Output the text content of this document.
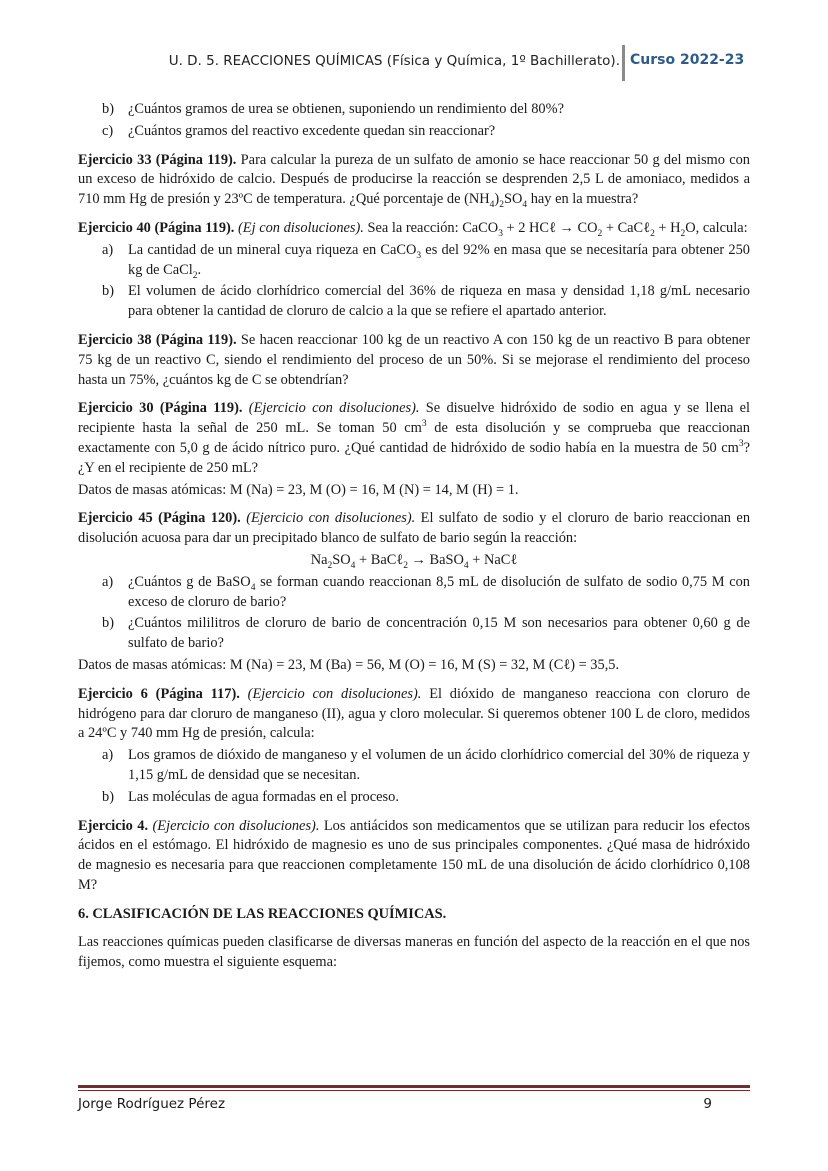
U. D. 5. REACCIONES QUÍMICAS (Física y Química, 1º Bachillerato). Curso 2022-23
b) ¿Cuántos gramos de urea se obtienen, suponiendo un rendimiento del 80%?
c)	¿Cuántos gramos del reactivo excedente quedan sin reaccionar?

Ejercicio 33 (Página 119). Para calcular la pureza de un sulfato de amonio se hace reaccionar 50 g del mismo con un exceso de hidróxido de calcio. Después de producirse la reacción se desprenden 2,5 L de amoniaco, medidos a 710 mm Hg de presión y 23ºC de temperatura. ¿Qué porcentaje de $(NH_4)_2SO_4$ hay en la muestra?

Ejercicio 40 (Página 119). (Ej con disoluciones). Sea la reacción: CaCO$_3$ + 2 HCℓ → $CO_2$ + CaCℓ$_2$ + $H_2O$, calcula:

a)	La cantidad de un mineral cuya riqueza en CaCO$_3$ es del 92% en masa que se necesitaría para obtener 250 kg de CaCl$_2$.
b) El volumen de ácido clorhídrico comercial del 36% de riqueza en masa y densidad 1,18 g/mL necesario para obtener la cantidad de cloruro de calcio a la que se refiere el apartado anterior.

Ejercicio 38 (Página 119). Se hacen reaccionar 100 kg de un reactivo A con 150 kg de un reactivo B para obtener 75 kg de un reactivo C, siendo el rendimiento del proceso de un 50%. Si se mejorase el rendimiento del proceso hasta un 75%, ¿cuántos kg de C se obtendrían?

Ejercicio 30 (Página 119). (Ejercicio con disoluciones). Se disuelve hidróxido de sodio en agua y se llena el recipiente hasta la señal de 250 mL. Se toman 50 $cm^3$ de esta disolución y se comprueba que reaccionan exactamente con 5,0 g de ácido nítrico puro. ¿Qué cantidad de hidróxido de sodio había en la muestra de 50 $cm^3$? ¿Y en el recipiente de 250 mL?

Datos de masas atómicas: M (Na) = 23, M (O) = 16, M (N) = 14, M (H) = 1.

Ejercicio 45 (Página 120). (Ejercicio con disoluciones). El sulfato de sodio y el cloruro de bario reaccionan en disolución acuosa para dar un precipitado blanco de sulfato de bario según la reacción:

$Na_2SO_4$ + BaCℓ$_2$ → BaSO$_4$ + NaCℓ
a)	¿Cuántos g de BaSO$_4$ se forman cuando reaccionan 8,5 mL de disolución de sulfato de sodio 0,75 M con exceso de cloruro de bario?
b) ¿Cuántos mililitros de cloruro de bario de concentración 0,15 M son necesarios para obtener 0,60 g de sulfato de bario?

Datos de masas atómicas: M (Na) = 23, M (Ba) = 56, M (O) = 16, M (S) = 32, M (Cℓ) = 35,5.

Ejercicio 6 (Página 117). (Ejercicio con disoluciones). El dióxido de manganeso reacciona con cloruro de hidrógeno para dar cloruro de manganeso (II), agua y cloro molecular. Si queremos obtener 100 L de cloro, medidos a 24ºC y 740 mm Hg de presión, calcula:

a)	Los gramos de dióxido de manganeso y el volumen de un ácido clorhídrico comercial del 30% de riqueza y 1,15 g/mL de densidad que se necesitan.
b) Las moléculas de agua formadas en el proceso.

Ejercicio 4. (Ejercicio con disoluciones). Los antiácidos son medicamentos que se utilizan para reducir los efectos ácidos en el estómago. El hidróxido de magnesio es uno de sus principales componentes. ¿Qué masa de hidróxido de magnesio es necesaria para que reaccionen completamente 150 mL de una disolución de ácido clorhídrico 0,108 M?

6. CLASIFICACIÓN DE LAS REACCIONES QUÍMICAS.

Las reacciones químicas pueden clasificarse de diversas maneras en función del aspecto de la reacción en el que nos fijemos, como muestra el siguiente esquema:

Jorge Rodríguez Pérez	9
